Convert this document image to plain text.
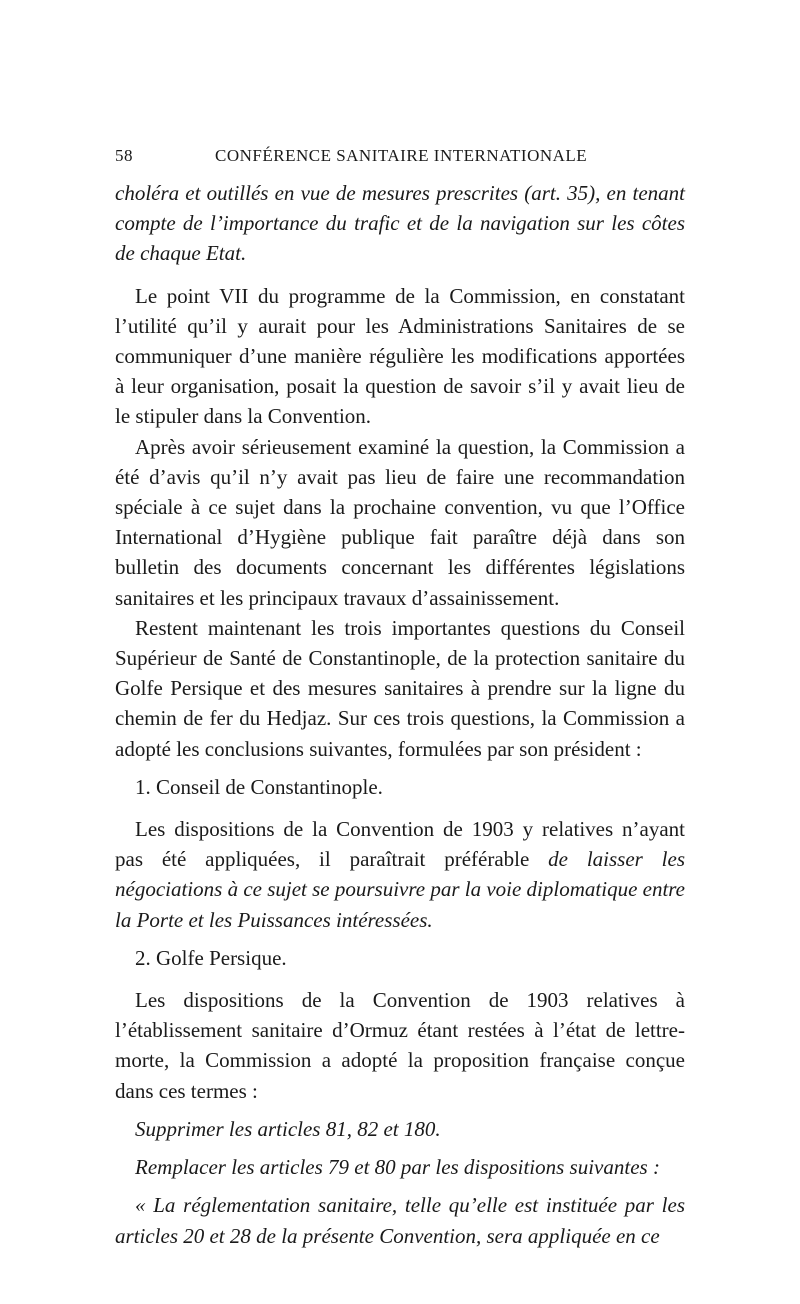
58	CONFÉRENCE SANITAIRE INTERNATIONALE

choléra et outillés en vue de mesures prescrites (art. 35), en tenant compte de l’importance du trafic et de la navigation sur les côtes de chaque Etat.

Le point VII du programme de la Commission, en constatant l’utilité qu’il y aurait pour les Administrations Sanitaires de se communiquer d’une manière régulière les modifications apportées à leur organisation, posait la question de savoir s’il y avait lieu de le stipuler dans la Convention.

Après avoir sérieusement examiné la question, la Commission a été d’avis qu’il n’y avait pas lieu de faire une recommandation spéciale à ce sujet dans la prochaine convention, vu que l’Office International d’Hygiène publique fait paraître déjà dans son bulletin des documents concernant les différentes législations sanitaires et les principaux travaux d’assainissement.

Restent maintenant les trois importantes questions du Conseil Supérieur de Santé de Constantinople, de la protection sanitaire du Golfe Persique et des mesures sanitaires à prendre sur la ligne du chemin de fer du Hedjaz. Sur ces trois questions, la Commission a adopté les conclusions suivantes, formulées par son président :

1. Conseil de Constantinople.

Les dispositions de la Convention de 1903 y relatives n’ayant pas été appliquées, il paraîtrait préférable de laisser les négociations à ce sujet se poursuivre par la voie diplomatique entre la Porte et les Puissances intéressées.

2. Golfe Persique.

Les dispositions de la Convention de 1903 relatives à l’établissement sanitaire d’Ormuz étant restées à l’état de lettre-morte, la Commission a adopté la proposition française conçue dans ces termes :

Supprimer les articles 81, 82 et 180.

Remplacer les articles 79 et 80 par les dispositions suivantes :

« La réglementation sanitaire, telle qu’elle est instituée par les articles 20 et 28 de la présente Convention, sera appliquée en ce
